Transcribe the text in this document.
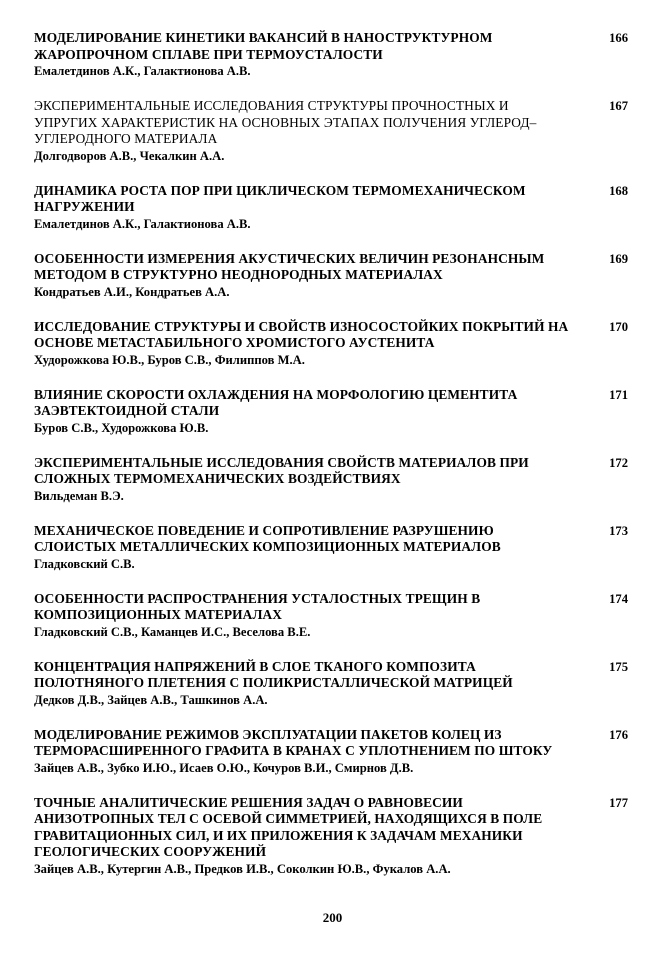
МОДЕЛИРОВАНИЕ КИНЕТИКИ ВАКАНСИЙ В НАНОСТРУКТУРНОМ ЖАРОПРОЧНОМ СПЛАВЕ ПРИ ТЕРМОУСТАЛОСТИ
Емалетдинов А.К., Галактионова А.В.
166
ЭКСПЕРИМЕНТАЛЬНЫЕ ИССЛЕДОВАНИЯ СТРУКТУРЫ ПРОЧНОСТНЫХ И УПРУГИХ ХАРАКТЕРИСТИК НА ОСНОВНЫХ ЭТАПАХ ПОЛУЧЕНИЯ УГЛЕРОД–УГЛЕРОДНОГО МАТЕРИАЛА
Долгодворов А.В., Чекалкин А.А.
167
ДИНАМИКА РОСТА ПОР ПРИ ЦИКЛИЧЕСКОМ ТЕРМОМЕХАНИЧЕСКОМ НАГРУЖЕНИИ
Емалетдинов А.К., Галактионова А.В.
168
ОСОБЕННОСТИ ИЗМЕРЕНИЯ АКУСТИЧЕСКИХ ВЕЛИЧИН РЕЗОНАНСНЫМ МЕТОДОМ В СТРУКТУРНО НЕОДНОРОДНЫХ МАТЕРИАЛАХ
Кондратьев А.И., Кондратьев А.А.
169
ИССЛЕДОВАНИЕ СТРУКТУРЫ И СВОЙСТВ ИЗНОСОСТОЙКИХ ПОКРЫТИЙ НА ОСНОВЕ МЕТАСТАБИЛЬНОГО ХРОМИСТОГО АУСТЕНИТА
Худорожкова Ю.В., Буров С.В., Филиппов М.А.
170
ВЛИЯНИЕ СКОРОСТИ ОХЛАЖДЕНИЯ НА МОРФОЛОГИЮ ЦЕМЕНТИТА ЗАЭВТЕКТОИДНОЙ СТАЛИ
Буров С.В., Худорожкова Ю.В.
171
ЭКСПЕРИМЕНТАЛЬНЫЕ ИССЛЕДОВАНИЯ СВОЙСТВ МАТЕРИАЛОВ ПРИ СЛОЖНЫХ ТЕРМОМЕХАНИЧЕСКИХ ВОЗДЕЙСТВИЯХ
Вильдеман В.Э.
172
МЕХАНИЧЕСКОЕ ПОВЕДЕНИЕ И СОПРОТИВЛЕНИЕ РАЗРУШЕНИЮ СЛОИСТЫХ МЕТАЛЛИЧЕСКИХ КОМПОЗИЦИОННЫХ МАТЕРИАЛОВ
Гладковский С.В.
173
ОСОБЕННОСТИ РАСПРОСТРАНЕНИЯ УСТАЛОСТНЫХ ТРЕЩИН В КОМПОЗИЦИОННЫХ МАТЕРИАЛАХ
Гладковский С.В., Каманцев И.С., Веселова В.Е.
174
КОНЦЕНТРАЦИЯ НАПРЯЖЕНИЙ В СЛОЕ ТКАНОГО КОМПОЗИТА ПОЛОТНЯНОГО ПЛЕТЕНИЯ С ПОЛИКРИСТАЛЛИЧЕСКОЙ МАТРИЦЕЙ
Дедков Д.В., Зайцев А.В., Ташкинов А.А.
175
МОДЕЛИРОВАНИЕ РЕЖИМОВ ЭКСПЛУАТАЦИИ ПАКЕТОВ КОЛЕЦ ИЗ ТЕРМОРАСШИРЕННОГО ГРАФИТА В КРАНАХ С УПЛОТНЕНИЕМ ПО ШТОКУ
Зайцев А.В., Зубко И.Ю., Исаев О.Ю., Кочуров В.И., Смирнов Д.В.
176
ТОЧНЫЕ АНАЛИТИЧЕСКИЕ РЕШЕНИЯ ЗАДАЧ О РАВНОВЕСИИ АНИЗОТРОПНЫХ ТЕЛ С ОСЕВОЙ СИММЕТРИЕЙ, НАХОДЯЩИХСЯ В ПОЛЕ ГРАВИТАЦИОННЫХ СИЛ, И ИХ ПРИЛОЖЕНИЯ К ЗАДАЧАМ МЕХАНИКИ ГЕОЛОГИЧЕСКИХ СООРУЖЕНИЙ
Зайцев А.В., Кутергин А.В., Предков И.В., Соколкин Ю.В., Фукалов А.А.
177
200
